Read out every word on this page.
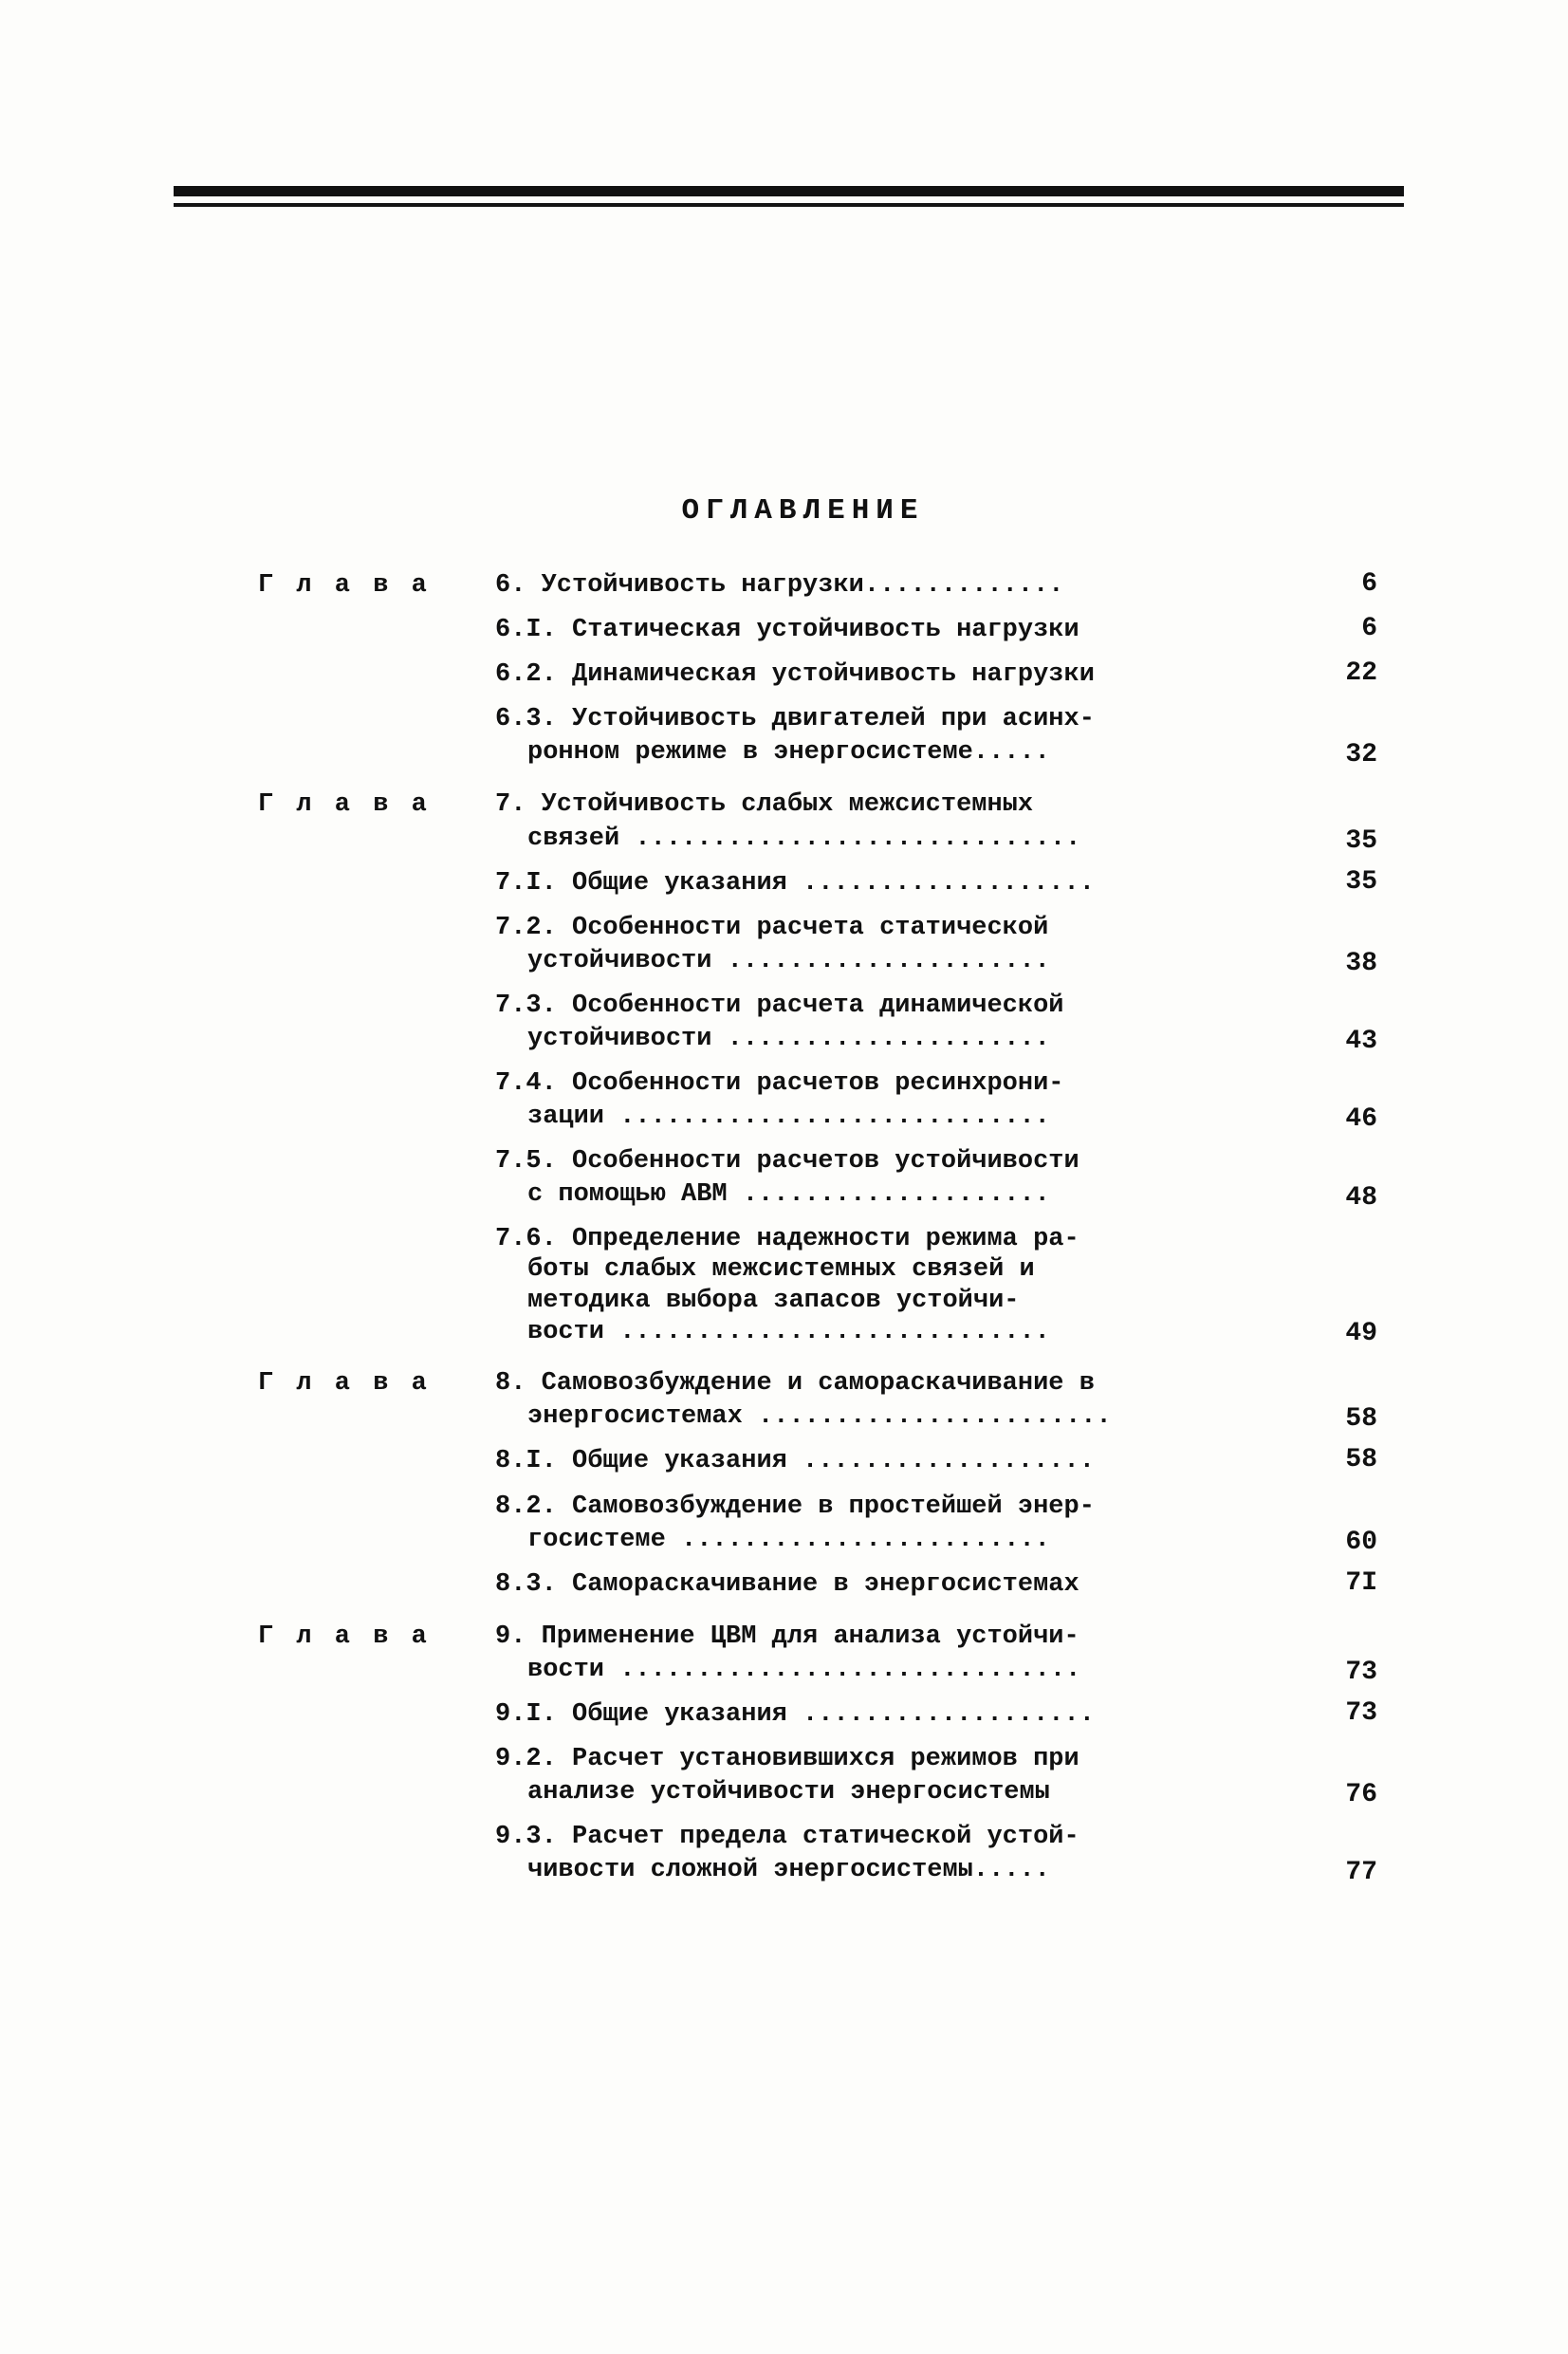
ОГЛАВЛЕНИЕ
Г л а в а	6. Устойчивость нагрузки.............	6
6.I. Статическая устойчивость нагрузки	6
6.2. Динамическая устойчивость нагрузки	22
6.3. Устойчивость двигателей при асинх-
ронном режиме в энергосистеме.....	32
Г л а в а	7. Устойчивость слабых межсистемных
связей .............................	35
7.I. Общие указания ...................	35
7.2. Особенности расчета статической
устойчивости .....................	38
7.3. Особенности расчета динамической
устойчивости .....................	43
7.4. Особенности расчетов ресинхрони-
зации ............................	46
7.5. Особенности расчетов устойчивости
с помощью АВМ ....................	48
7.6. Определение надежности режима ра-
боты слабых межсистемных связей и
методика выбора запасов устойчи-
вости ............................	49
Г л а в а	8. Самовозбуждение и самораскачивание в
энергосистемах .......................	58
8.I. Общие указания ...................	58
8.2. Самовозбуждение в простейшей энер-
госистеме ........................	60
8.3. Самораскачивание в энергосистемах	7I
Г л а в а	9. Применение ЦВМ для анализа устойчи-
вости ..............................	73
9.I. Общие указания ...................	73
9.2. Расчет установившихся режимов при
анализе устойчивости энергосистемы	76
9.3. Расчет предела статической устой-
чивости сложной энергосистемы.....	77
